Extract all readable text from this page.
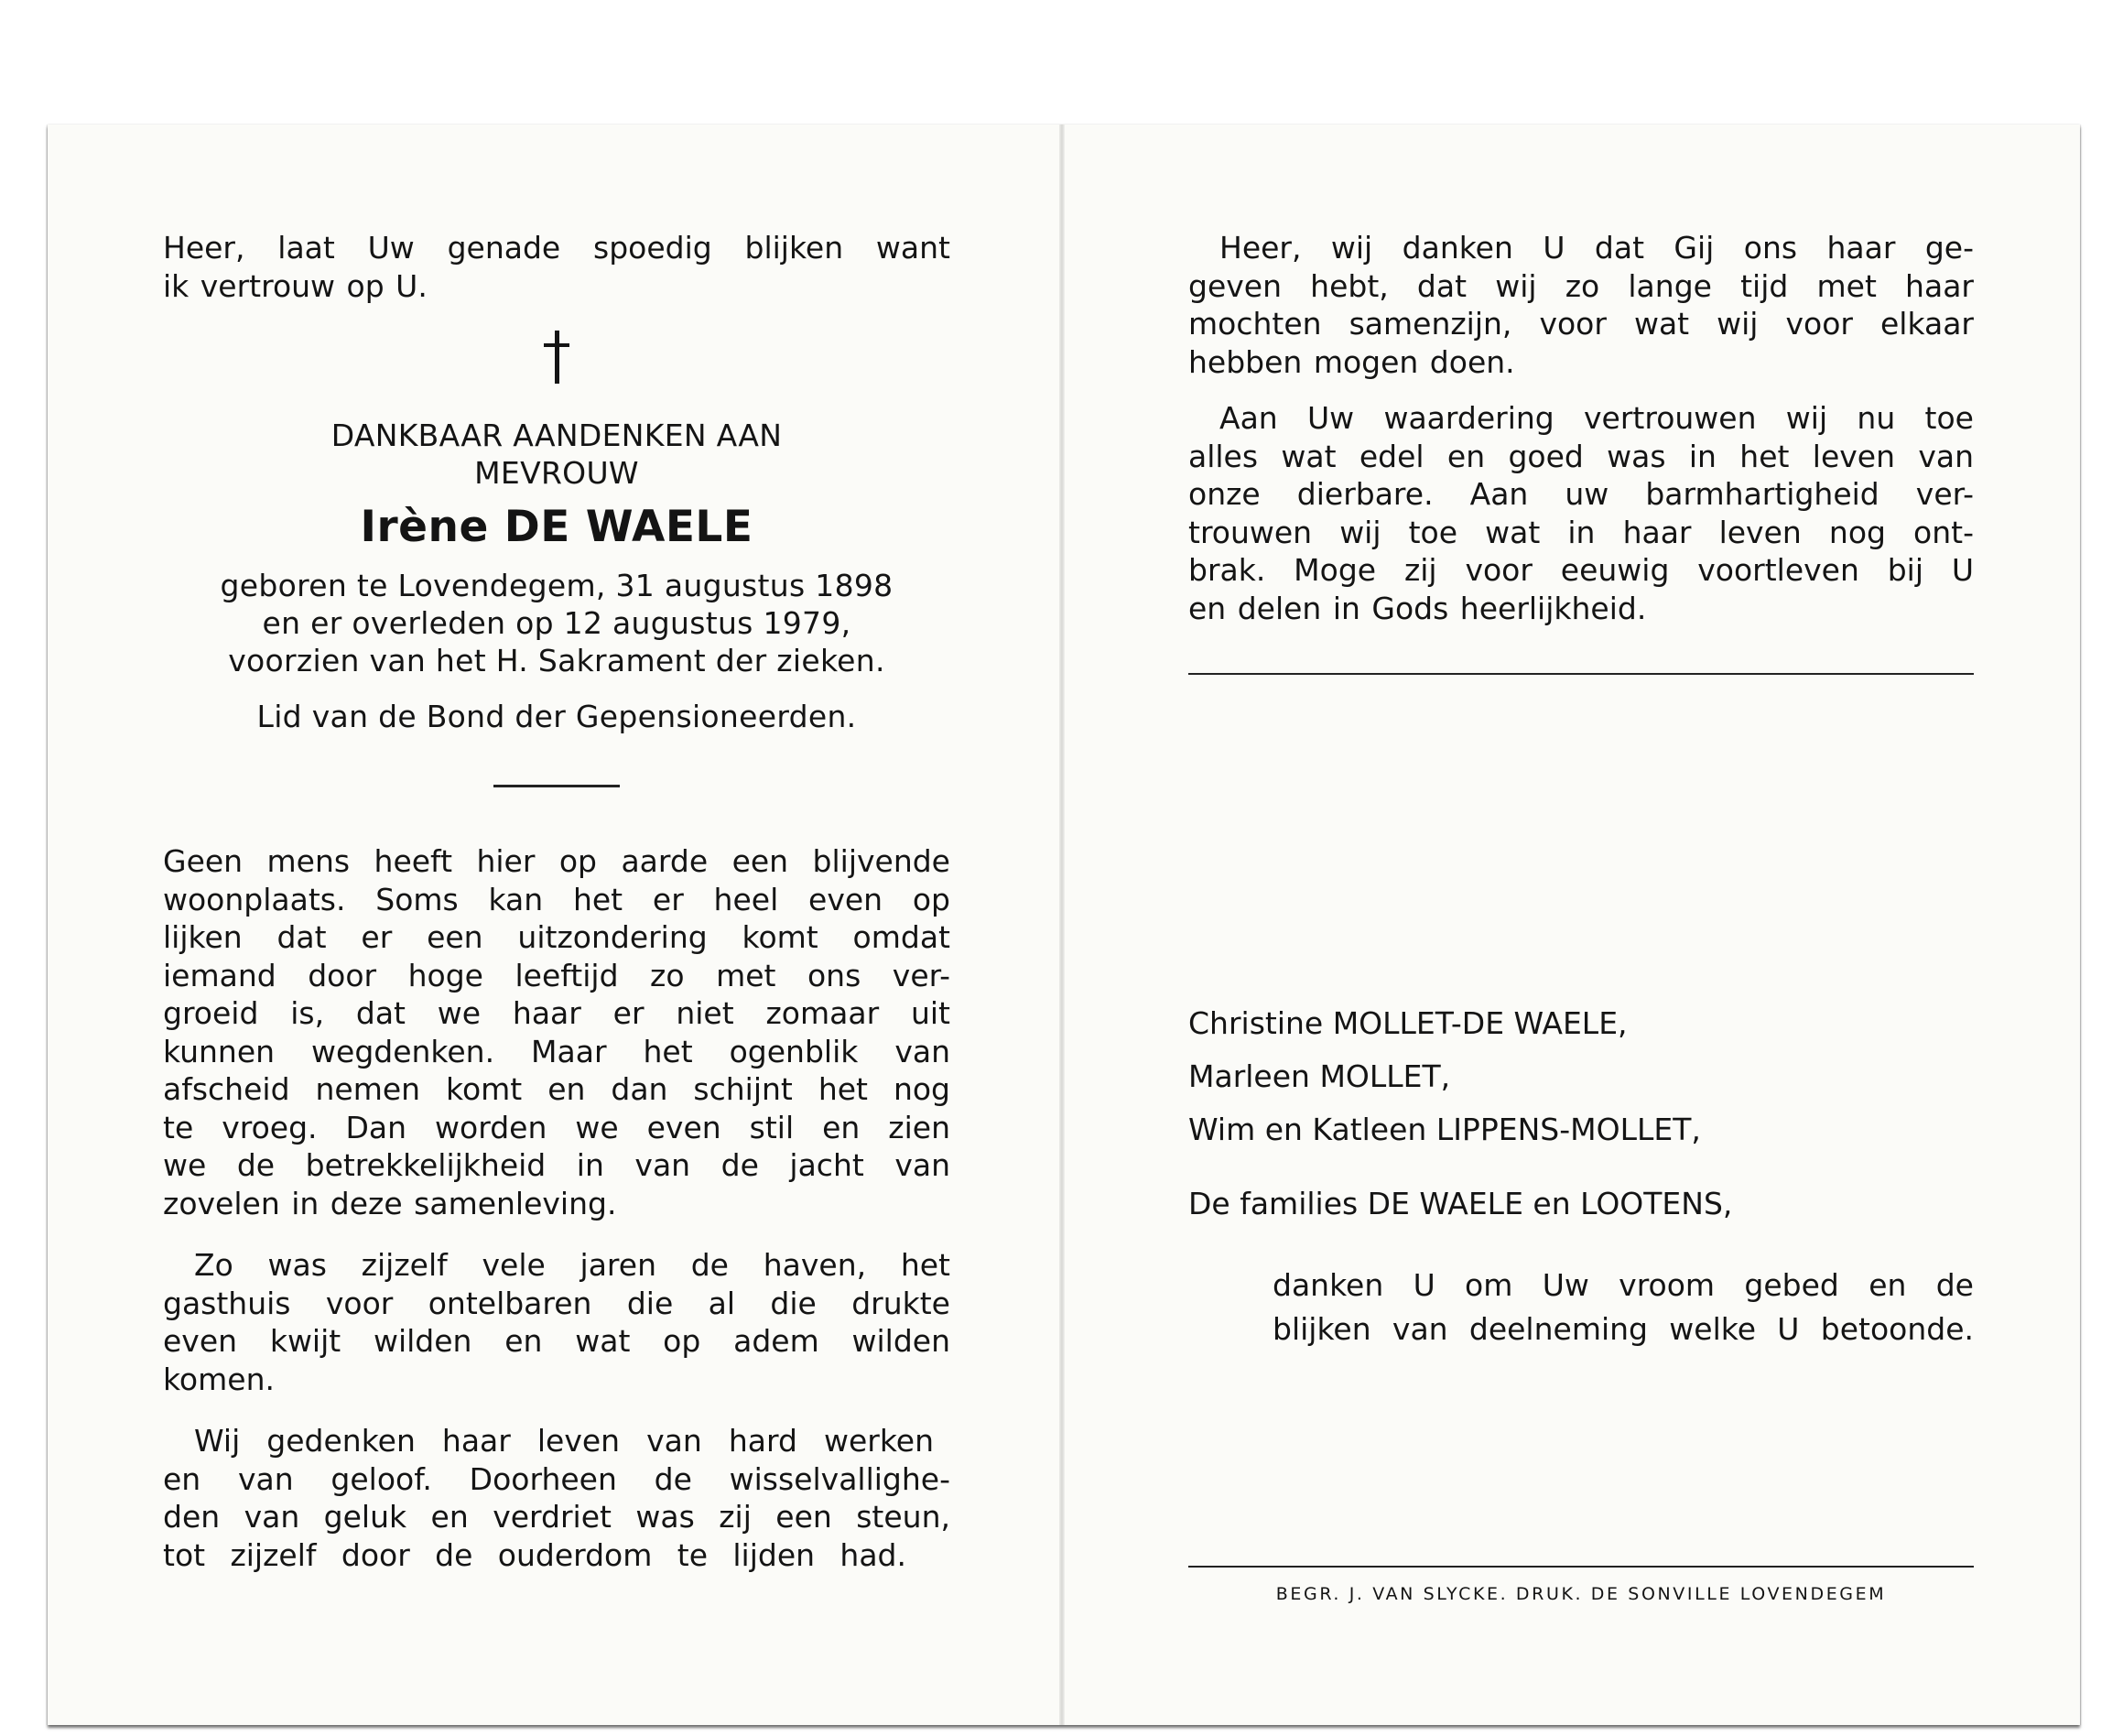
Heer, laat Uw genade spoedig blijken want

ik vertrouw op U.

DANKBAAR AANDENKEN AAN

MEVROUW

Irène DE WAELE

geboren te Lovendegem, 31 augustus 1898

en er overleden op 12 augustus 1979,

voorzien van het H. Sakrament der zieken.

Lid van de Bond der Gepensioneerden.

Geen mens heeft hier op aarde een blijvende

woonplaats. Soms kan het er heel even op

lijken dat er een uitzondering komt omdat

iemand door hoge leeftijd zo met ons ver-

groeid is, dat we haar er niet zomaar uit

kunnen wegdenken. Maar het ogenblik van

afscheid nemen komt en dan schijnt het nog

te vroeg. Dan worden we even stil en zien

we de betrekkelijkheid in van de jacht van

zovelen in deze samenleving.

Zo was zijzelf vele jaren de haven, het

gasthuis voor ontelbaren die al die drukte

even kwijt wilden en wat op adem wilden

komen.

Wij gedenken haar leven van hard werken

en van geloof. Doorheen de wisselvallighe-

den van geluk en verdriet was zij een steun,

tot zijzelf door de ouderdom te lijden had.

Heer, wij danken U dat Gij ons haar ge-

geven hebt, dat wij zo lange tijd met haar

mochten samenzijn, voor wat wij voor elkaar

hebben mogen doen.

Aan Uw waardering vertrouwen wij nu toe

alles wat edel en goed was in het leven van

onze dierbare. Aan uw barmhartigheid ver-

trouwen wij toe wat in haar leven nog ont-

brak. Moge zij voor eeuwig voortleven bij U

en delen in Gods heerlijkheid.

Christine MOLLET-DE WAELE,

Marleen MOLLET,

Wim en Katleen LIPPENS-MOLLET,

De families DE WAELE en LOOTENS,

danken U om Uw vroom gebed en de

blijken van deelneming welke U betoonde.

BEGR. J. VAN SLYCKE. DRUK. DE SONVILLE LOVENDEGEM
